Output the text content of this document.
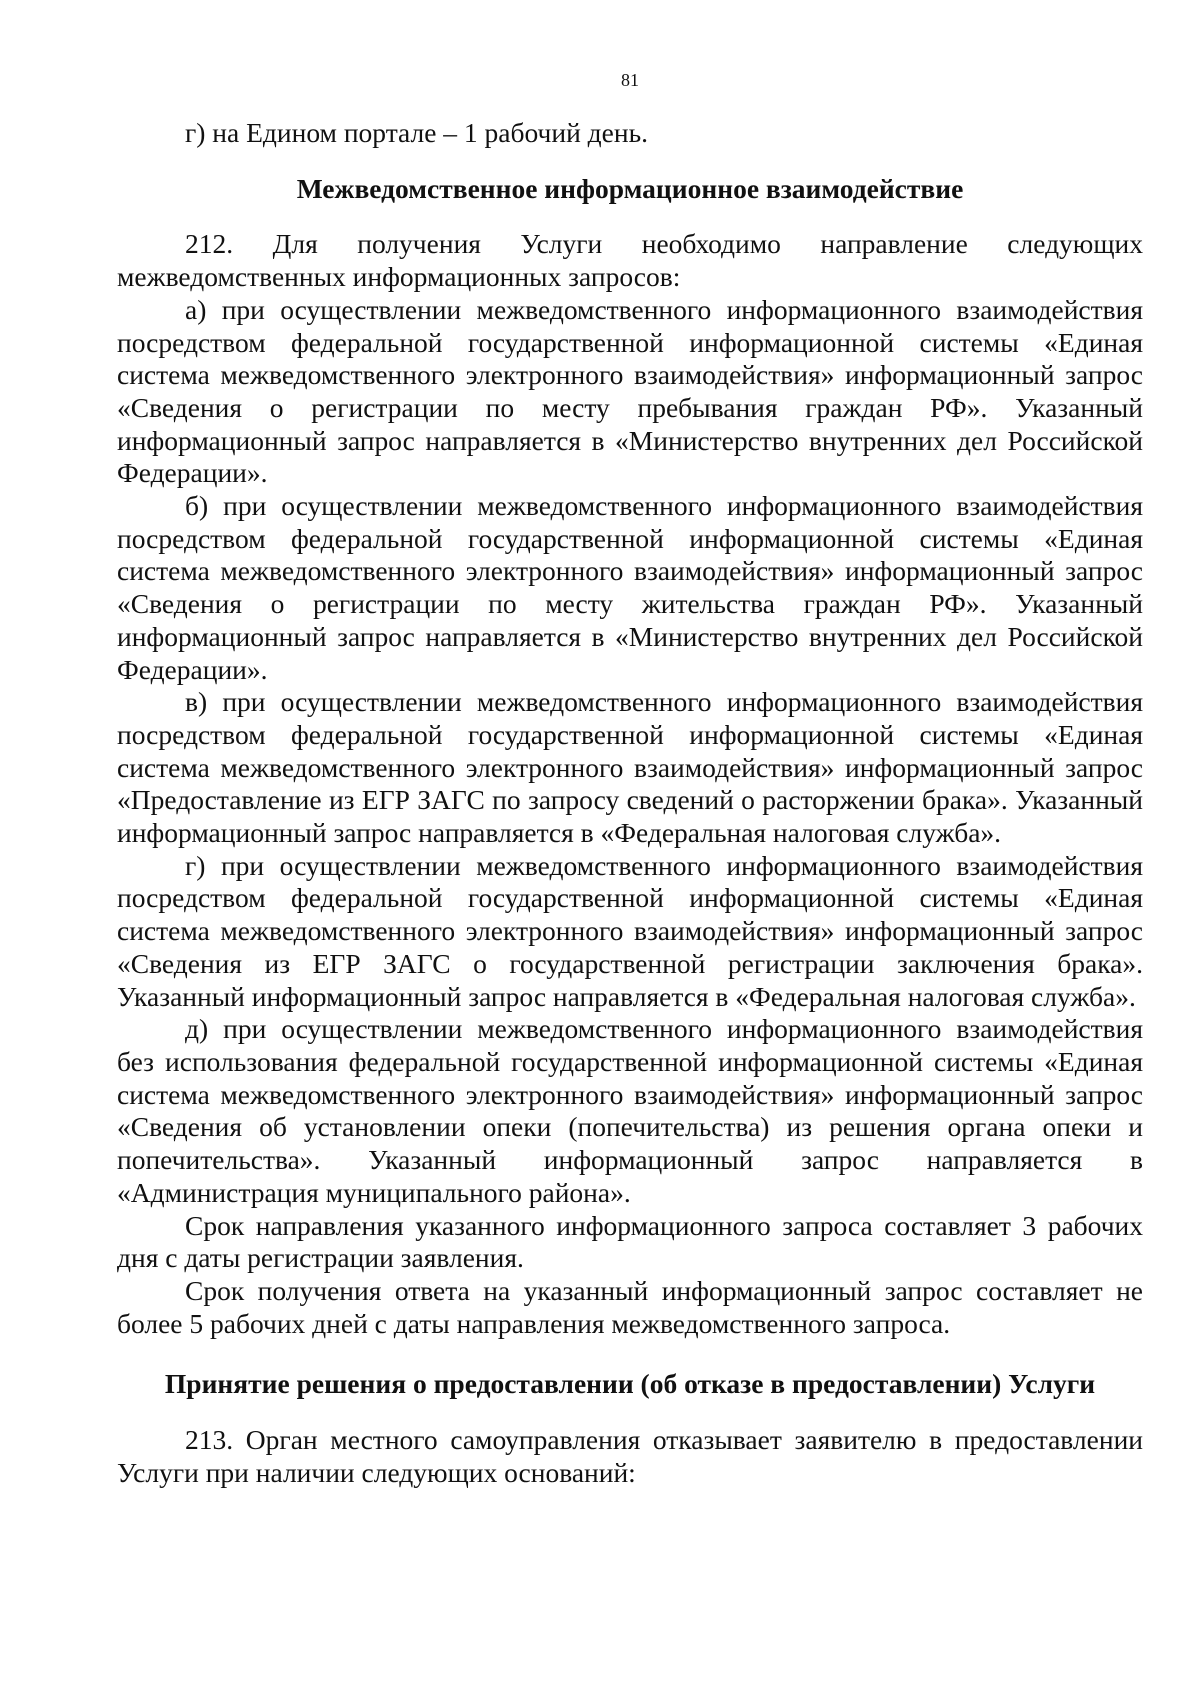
81

г) на Едином портале – 1 рабочий день.

Межведомственное информационное взаимодействие

212. Для получения Услуги необходимо направление следующих межведомственных информационных запросов:

а) при осуществлении межведомственного информационного взаимодействия посредством федеральной государственной информационной системы «Единая система межведомственного электронного взаимодействия» информационный запрос «Сведения о регистрации по месту пребывания граждан РФ». Указанный информационный запрос направляется в «Министерство внутренних дел Российской Федерации».

б) при осуществлении межведомственного информационного взаимодействия посредством федеральной государственной информационной системы «Единая система межведомственного электронного взаимодействия» информационный запрос «Сведения о регистрации по месту жительства граждан РФ». Указанный информационный запрос направляется в «Министерство внутренних дел Российской Федерации».

в) при осуществлении межведомственного информационного взаимодействия посредством федеральной государственной информационной системы «Единая система межведомственного электронного взаимодействия» информационный запрос «Предоставление из ЕГР ЗАГС по запросу сведений о расторжении брака». Указанный информационный запрос направляется в «Федеральная налоговая служба».

г) при осуществлении межведомственного информационного взаимодействия посредством федеральной государственной информационной системы «Единая система межведомственного электронного взаимодействия» информационный запрос «Сведения из ЕГР ЗАГС о государственной регистрации заключения брака». Указанный информационный запрос направляется в «Федеральная налоговая служба».

д) при осуществлении межведомственного информационного взаимодействия без использования федеральной государственной информационной системы «Единая система межведомственного электронного взаимодействия» информационный запрос «Сведения об установлении опеки (попечительства) из решения органа опеки и попечительства». Указанный информационный запрос направляется в «Администрация муниципального района».

Срок направления указанного информационного запроса составляет 3 рабочих дня с даты регистрации заявления.

Срок получения ответа на указанный информационный запрос составляет не более 5 рабочих дней с даты направления межведомственного запроса.

Принятие решения о предоставлении (об отказе в предоставлении) Услуги

213. Орган местного самоуправления отказывает заявителю в предоставлении Услуги при наличии следующих оснований:
